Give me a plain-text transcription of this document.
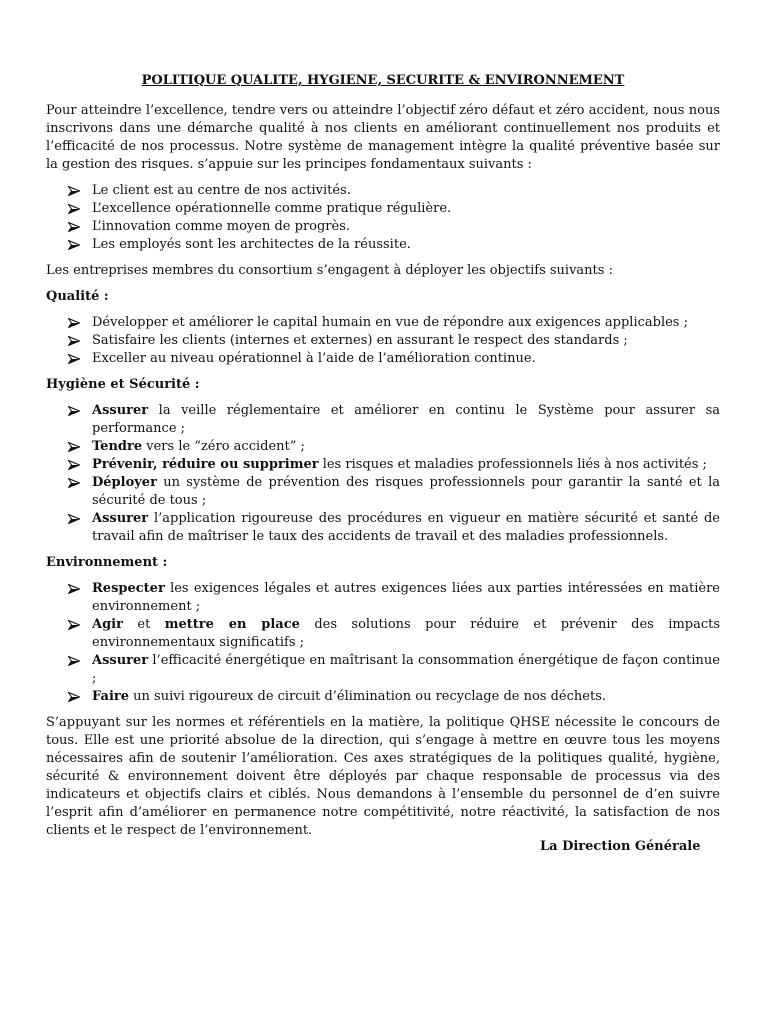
POLITIQUE QUALITE, HYGIENE, SECURITE & ENVIRONNEMENT

Pour atteindre l’excellence, tendre vers ou atteindre l’objectif zéro défaut et zéro accident, nous nous inscrivons dans une démarche qualité à nos clients en améliorant continuellement nos produits et l’efficacité de nos processus. Notre système de management intègre la qualité préventive basée sur la gestion des risques. s’appuie sur les principes fondamentaux suivants :

Le client est au centre de nos activités.
L’excellence opérationnelle comme pratique régulière.
L’innovation comme moyen de progrès.
Les employés sont les architectes de la réussite.

Les entreprises membres du consortium s’engagent à déployer les objectifs suivants :

Qualité :
Développer et améliorer le capital humain en vue de répondre aux exigences applicables ;
Satisfaire les clients (internes et externes) en assurant le respect des standards ;
Exceller au niveau opérationnel à l’aide de l’amélioration continue.
Hygiène et Sécurité :
Assurer la veille réglementaire et améliorer en continu le Système pour assurer sa performance ;
Tendre vers le “zéro accident” ;
Prévenir, réduire ou supprimer les risques et maladies professionnels liés à nos activités ;
Déployer un système de prévention des risques professionnels pour garantir la santé et la sécurité de tous ;
Assurer l’application rigoureuse des procédures en vigueur en matière sécurité et santé de travail afin de maîtriser le taux des accidents de travail et des maladies professionnels.
Environnement :
Respecter les exigences légales et autres exigences liées aux parties intéressées en matière environnement ;
Agir et mettre en place des solutions pour réduire et prévenir des impacts environnementaux significatifs ;
Assurer l’efficacité énergétique en maîtrisant la consommation énergétique de façon continue ;
Faire un suivi rigoureux de circuit d’élimination ou recyclage de nos déchets.

S’appuyant sur les normes et référentiels en la matière, la politique QHSE nécessite le concours de tous. Elle est une priorité absolue de la direction, qui s’engage à mettre en œuvre tous les moyens nécessaires afin de soutenir l’amélioration. Ces axes stratégiques de la politiques qualité, hygiène, sécurité & environnement doivent être déployés par chaque responsable de processus via des indicateurs et objectifs clairs et ciblés. Nous demandons à l’ensemble du personnel de d’en suivre l’esprit afin d’améliorer en permanence notre compétitivité, notre réactivité, la satisfaction de nos clients et le respect de l’environnement.

La Direction Générale
